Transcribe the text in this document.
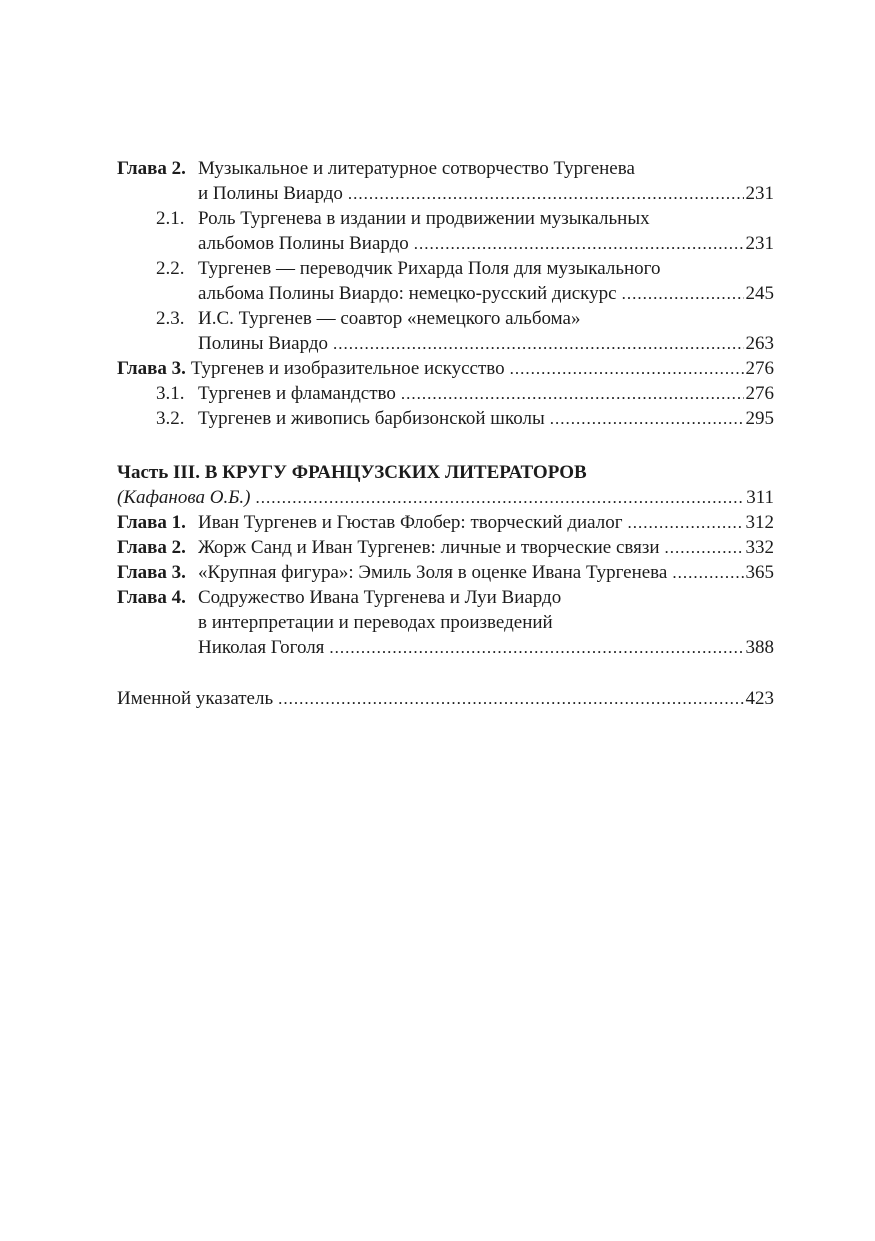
Глава 2. Музыкальное и литературное сотворчество Тургенева
и Полины Виардо .....	231
2.1. Роль Тургенева в издании и продвижении музыкальных
альбомов Полины Виардо .....	231
2.2. Тургенев — переводчик Рихарда Поля для музыкального
альбома Полины Виардо: немецко-русский дискурс .....	245
2.3. И.С. Тургенев — соавтор «немецкого альбома»
Полины Виардо .....	263
Глава 3. Тургенев и изобразительное искусство .....	276
3.1. Тургенев и фламандство .....	276
3.2. Тургенев и живопись барбизонской школы .....	295
Часть III. В КРУГУ ФРАНЦУЗСКИХ ЛИТЕРАТОРОВ
(Кафанова О.Б.) .....	311
Глава 1. Иван Тургенев и Гюстав Флобер: творческий диалог .....	312
Глава 2. Жорж Санд и Иван Тургенев: личные и творческие связи .....	332
Глава 3. «Крупная фигура»: Эмиль Золя в оценке Ивана Тургенева .....	365
Глава 4. Содружество Ивана Тургенева и Луи Виардо
в интерпретации и переводах произведений
Николая Гоголя .....	388
Именной указатель .....	423
